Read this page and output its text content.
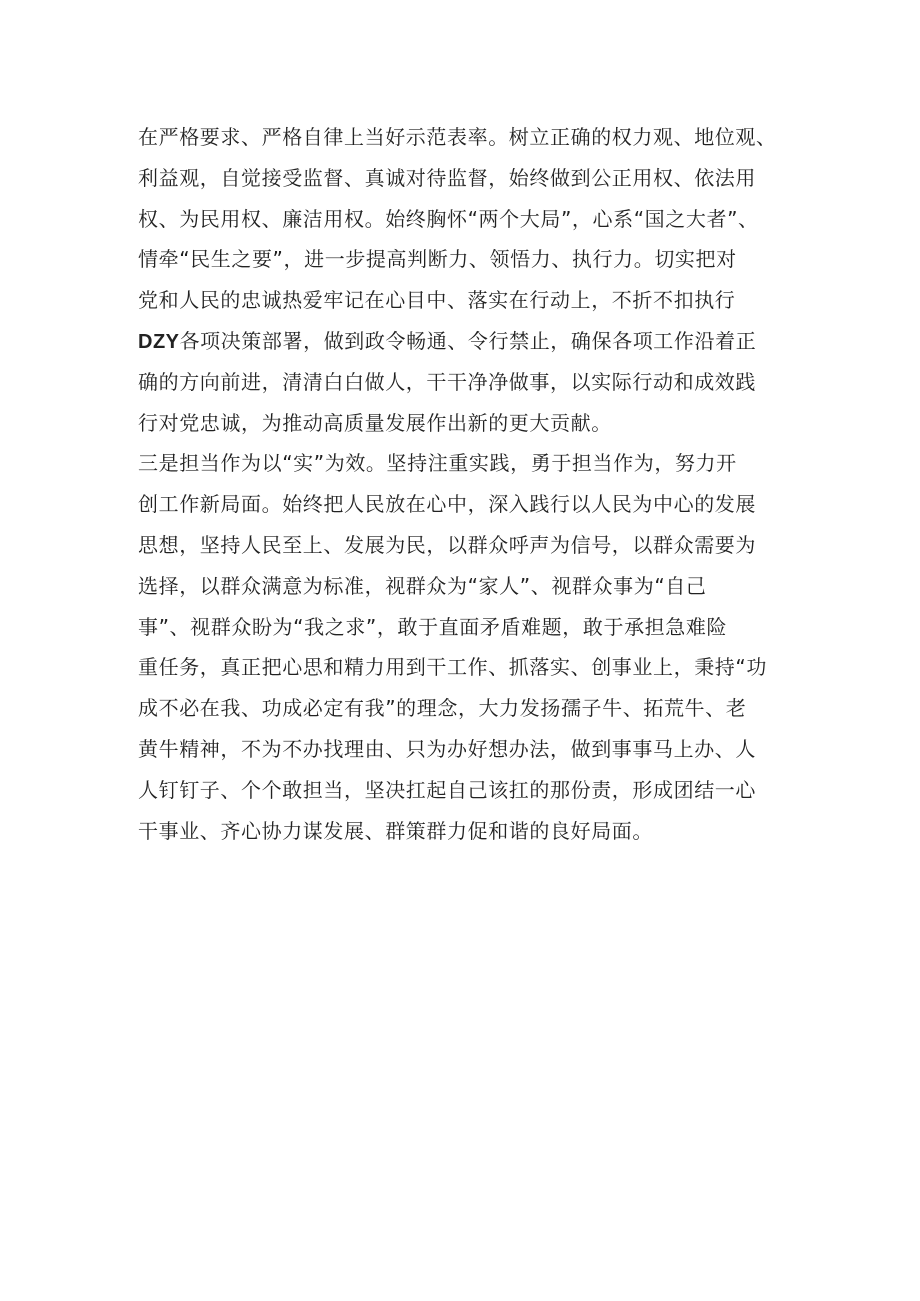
在严格要求、严格自律上当好示范表率。树立正确的权力观、地位观、
利益观，自觉接受监督、真诚对待监督，始终做到公正用权、依法用
权、为民用权、廉洁用权。始终胸怀“两个大局”，心系“国之大者”、
情牵“民生之要”，进一步提高判断力、领悟力、执行力。切实把对
党和人民的忠诚热爱牢记在心目中、落实在行动上，不折不扣执行
DZY各项决策部署，做到政令畅通、令行禁止，确保各项工作沿着正
确的方向前进，清清白白做人，干干净净做事，以实际行动和成效践
行对党忠诚，为推动高质量发展作出新的更大贡献。
三是担当作为以“实”为效。坚持注重实践，勇于担当作为，努力开
创工作新局面。始终把人民放在心中，深入践行以人民为中心的发展
思想，坚持人民至上、发展为民，以群众呼声为信号，以群众需要为
选择，以群众满意为标准，视群众为“家人”、视群众事为“自己
事”、视群众盼为“我之求”，敢于直面矛盾难题，敢于承担急难险
重任务，真正把心思和精力用到干工作、抓落实、创事业上，秉持“功
成不必在我、功成必定有我”的理念，大力发扬孺子牛、拓荒牛、老
黄牛精神，不为不办找理由、只为办好想办法，做到事事马上办、人
人钉钉子、个个敢担当，坚决扛起自己该扛的那份责，形成团结一心
干事业、齐心协力谋发展、群策群力促和谐的良好局面。
